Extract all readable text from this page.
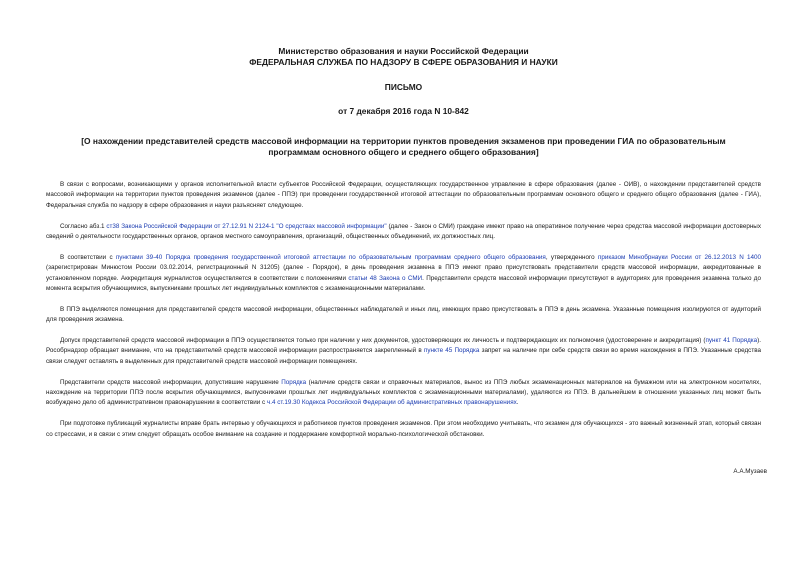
Министерство образования и науки Российской Федерации
ФЕДЕРАЛЬНАЯ СЛУЖБА ПО НАДЗОРУ В СФЕРЕ ОБРАЗОВАНИЯ И НАУКИ
ПИСЬМО
от 7 декабря 2016 года N 10-842
[О нахождении представителей средств массовой информации на территории пунктов проведения экзаменов при проведении ГИА по образовательным программам основного общего и среднего общего образования]

В связи с вопросами, возникающими у органов исполнительной власти субъектов Российской Федерации, осуществляющих государственное управление в сфере образования (далее - ОИВ), о нахождении представителей средств массовой информации на территории пунктов проведения экзаменов (далее - ППЭ) при проведении государственной итоговой аттестации по образовательным программам основного общего и среднего общего образования (далее - ГИА), Федеральная служба по надзору в сфере образования и науки разъясняет следующее.

Согласно абз.1 ст38 Закона Российской Федерации от 27.12.91 N 2124-1 "О средствах массовой информации" (далее - Закон о СМИ) граждане имеют право на оперативное получение через средства массовой информации достоверных сведений о деятельности государственных органов, органов местного самоуправления, организаций, общественных объединений, их должностных лиц.

В соответствии с пунктами 39-40 Порядка проведения государственной итоговой аттестации по образовательным программам среднего общего образования, утвержденного приказом Минобрнауки России от 26.12.2013 N 1400 (зарегистрирован Минюстом России 03.02.2014, регистрационный N 31205) (далее - Порядок), в день проведения экзамена в ППЭ имеют право присутствовать представители средств массовой информации, аккредитованные в установленном порядке. Аккредитация журналистов осуществляется в соответствии с положениями статьи 48 Закона о СМИ. Представители средств массовой информации присутствуют в аудиториях для проведения экзамена только до момента вскрытия обучающимися, выпускниками прошлых лет индивидуальных комплектов с экзаменационными материалами.

В ППЭ выделяются помещения для представителей средств массовой информации, общественных наблюдателей и иных лиц, имеющих право присутствовать в ППЭ в день экзамена. Указанные помещения изолируются от аудиторий для проведения экзамена.

Допуск представителей средств массовой информации в ППЭ осуществляется только при наличии у них документов, удостоверяющих их личность и подтверждающих их полномочия (удостоверение и аккредитация) (пункт 41 Порядка). Рособрнадзор обращает внимание, что на представителей средств массовой информации распространяется закрепленный в пункте 45 Порядка запрет на наличие при себе средств связи во время нахождения в ППЭ. Указанные средства связи следует оставлять в выделенных для представителей средств массовой информации помещениях.

Представители средств массовой информации, допустившие нарушение Порядка (наличие средств связи и справочных материалов, вынос из ППЭ любых экзаменационных материалов на бумажном или на электронном носителях, нахождение на территории ППЭ после вскрытия обучающимися, выпускниками прошлых лет индивидуальных комплектов с экзаменационными материалами), удаляются из ППЭ. В дальнейшем в отношении указанных лиц может быть возбуждено дело об административном правонарушении в соответствии с ч.4 ст.19.30 Кодекса Российской Федерации об административных правонарушениях.

При подготовке публикаций журналисты вправе брать интервью у обучающихся и работников пунктов проведения экзаменов. При этом необходимо учитывать, что экзамен для обучающихся - это важный жизненный этап, который связан со стрессами, и в связи с этим следует обращать особое внимание на создание и поддержание комфортной морально-психологической обстановки.

А.А.Музаев
